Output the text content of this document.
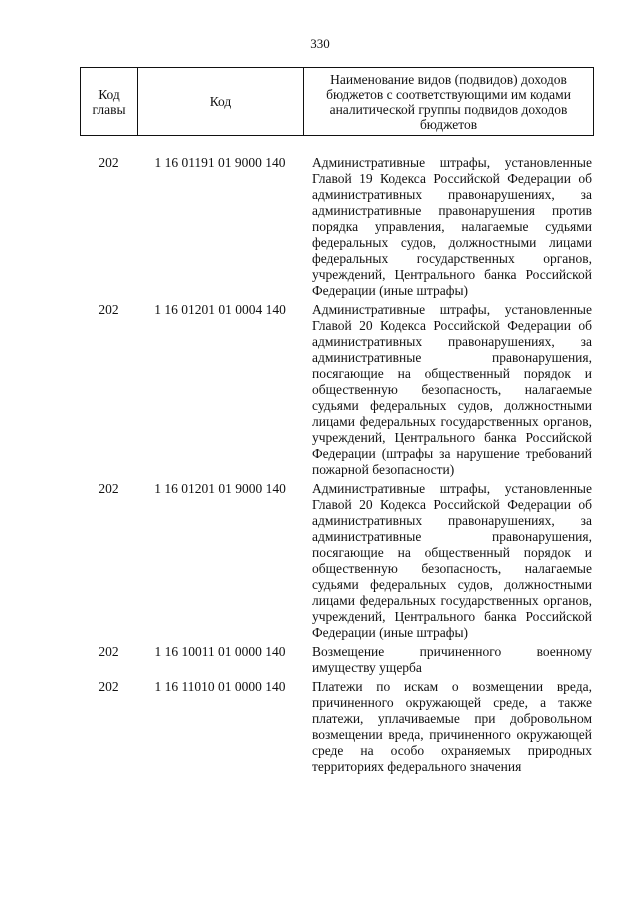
330
Код главы	Код	Наименование видов (подвидов) доходов бюджетов с соответствующими им кодами аналитической группы подвидов доходов бюджетов
202	1 16 01191 01 9000 140	Административные штрафы, установленные Главой 19 Кодекса Российской Федерации об административных правонарушениях, за административные правонарушения против порядка управления, налагаемые судьями федеральных судов, должностными лицами федеральных государственных органов, учреждений, Центрального банка Российской Федерации (иные штрафы)
202	1 16 01201 01 0004 140	Административные штрафы, установленные Главой 20 Кодекса Российской Федерации об административных правонарушениях, за административные правонарушения, посягающие на общественный порядок и общественную безопасность, налагаемые судьями федеральных судов, должностными лицами федеральных государственных органов, учреждений, Центрального банка Российской Федерации (штрафы за нарушение требований пожарной безопасности)
202	1 16 01201 01 9000 140	Административные штрафы, установленные Главой 20 Кодекса Российской Федерации об административных правонарушениях, за административные правонарушения, посягающие на общественный порядок и общественную безопасность, налагаемые судьями федеральных судов, должностными лицами федеральных государственных органов, учреждений, Центрального банка Российской Федерации (иные штрафы)
202	1 16 10011 01 0000 140	Возмещение причиненного военному имуществу ущерба
202	1 16 11010 01 0000 140	Платежи по искам о возмещении вреда, причиненного окружающей среде, а также платежи, уплачиваемые при добровольном возмещении вреда, причиненного окружающей среде на особо охраняемых природных территориях федерального значения
